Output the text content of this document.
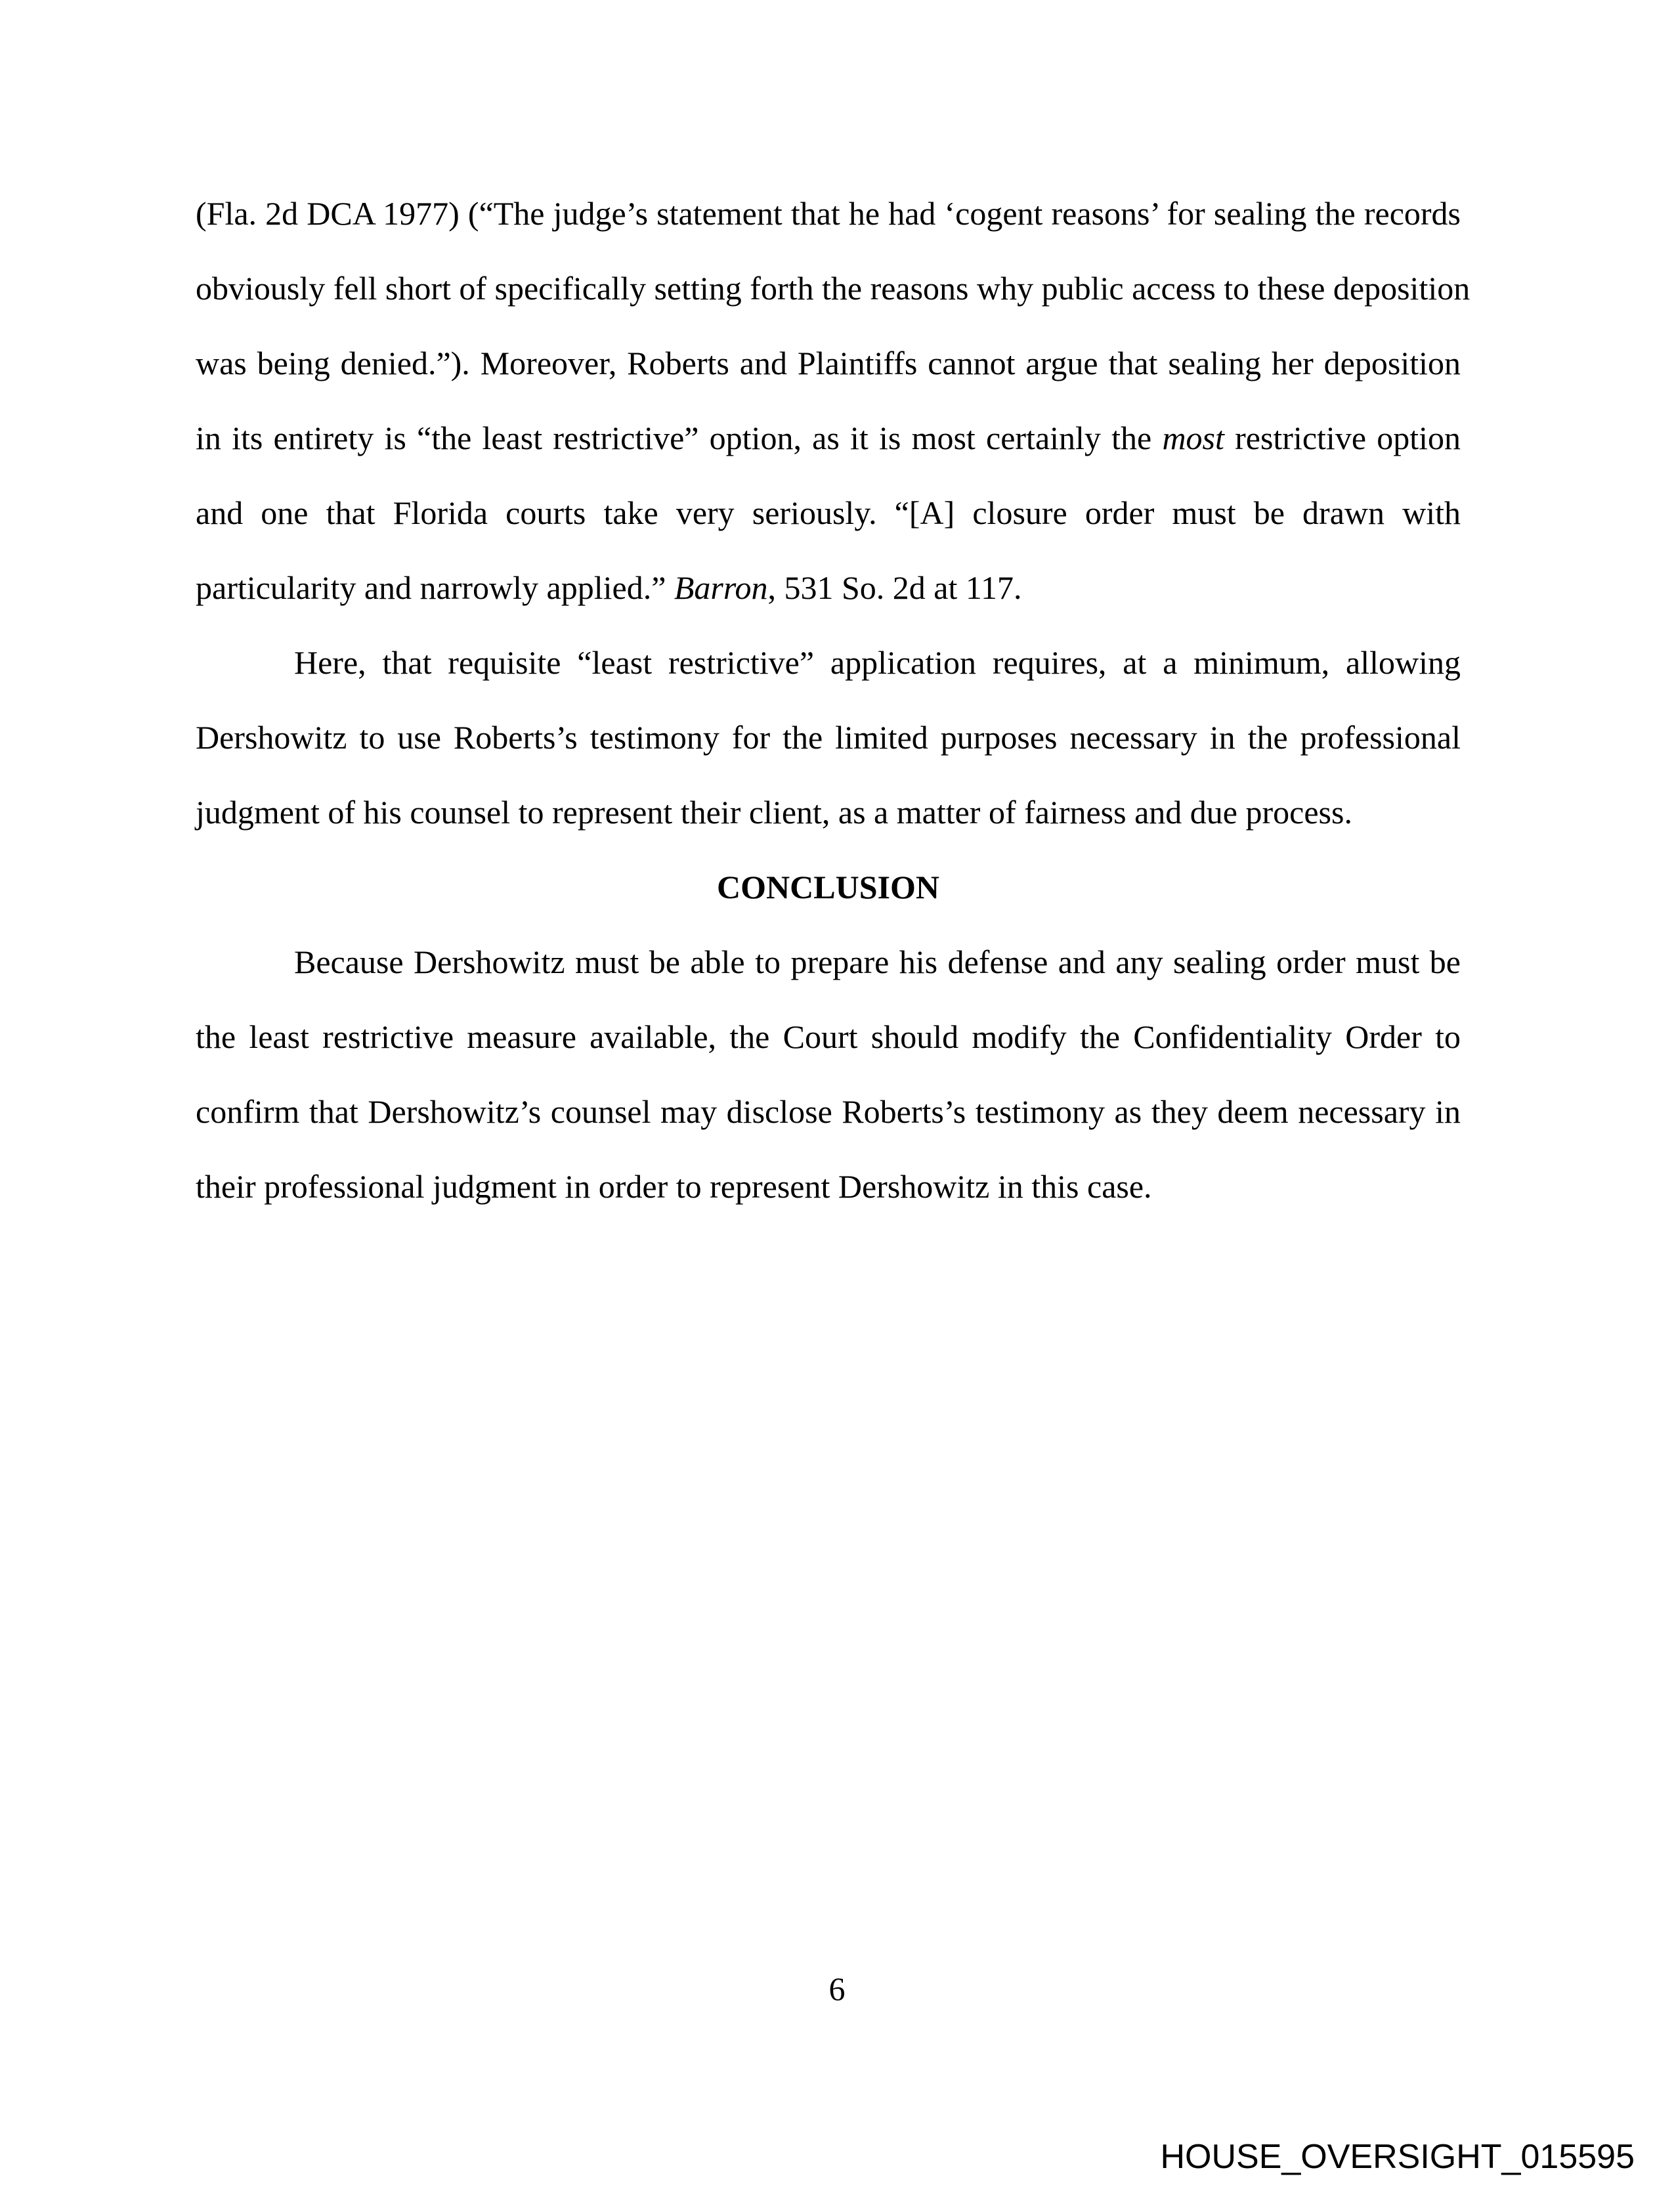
(Fla. 2d DCA 1977) (“The judge’s statement that he had ‘cogent reasons’ for sealing the records
obviously fell short of specifically setting forth the reasons why public access to these deposition
was being denied.”). Moreover, Roberts and Plaintiffs cannot argue that sealing her deposition
in its entirety is “the least restrictive” option, as it is most certainly the most restrictive option
and one that Florida courts take very seriously. “[A] closure order must be drawn with
particularity and narrowly applied.” Barron, 531 So. 2d at 117.
Here, that requisite “least restrictive” application requires, at a minimum, allowing
Dershowitz to use Roberts’s testimony for the limited purposes necessary in the professional
judgment of his counsel to represent their client, as a matter of fairness and due process.
CONCLUSION
Because Dershowitz must be able to prepare his defense and any sealing order must be
the least restrictive measure available, the Court should modify the Confidentiality Order to
confirm that Dershowitz’s counsel may disclose Roberts’s testimony as they deem necessary in
their professional judgment in order to represent Dershowitz in this case.
6
HOUSE_OVERSIGHT_015595
